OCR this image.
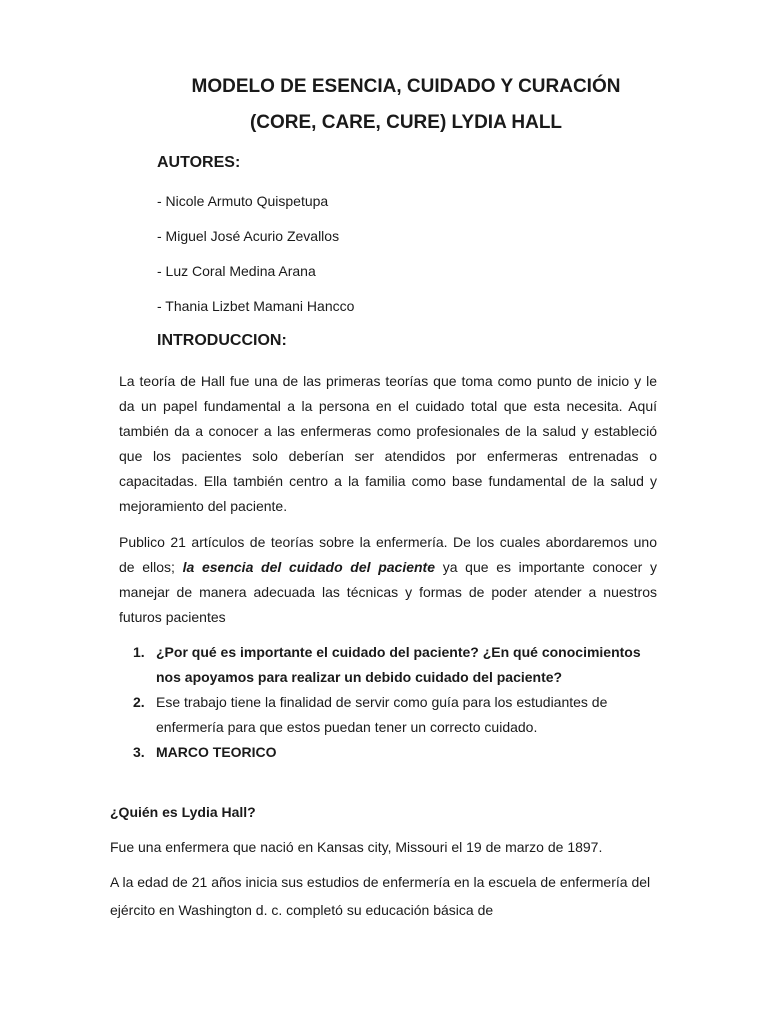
MODELO DE ESENCIA, CUIDADO Y CURACIÓN
(CORE, CARE, CURE) LYDIA HALL
AUTORES:

- Nicole Armuto Quispetupa

- Miguel José Acurio Zevallos

- Luz Coral Medina Arana

- Thania Lizbet Mamani Hancco

INTRODUCCION:

La teoría de Hall fue una de las primeras teorías que toma como punto de inicio y le da un papel fundamental a la persona en el cuidado total que esta necesita. Aquí también da a conocer a las enfermeras como profesionales de la salud y estableció que los pacientes solo deberían ser atendidos por enfermeras entrenadas o capacitadas. Ella también centro a la familia como base fundamental de la salud y mejoramiento del paciente.

Publico 21 artículos de teorías sobre la enfermería. De los cuales abordaremos uno de ellos; la esencia del cuidado del paciente ya que es importante conocer y manejar de manera adecuada las técnicas y formas de poder atender a nuestros futuros pacientes

1. ¿Por qué es importante el cuidado del paciente? ¿En qué conocimientos nos apoyamos para realizar un debido cuidado del paciente?
2. Ese trabajo tiene la finalidad de servir como guía para los estudiantes de enfermería para que estos puedan tener un correcto cuidado.
3. MARCO TEORICO

¿Quién es Lydia Hall?

Fue una enfermera que nació en Kansas city, Missouri el 19 de marzo de 1897.

A la edad de 21 años inicia sus estudios de enfermería en la escuela de enfermería del ejército en Washington d. c. completó su educación básica de
